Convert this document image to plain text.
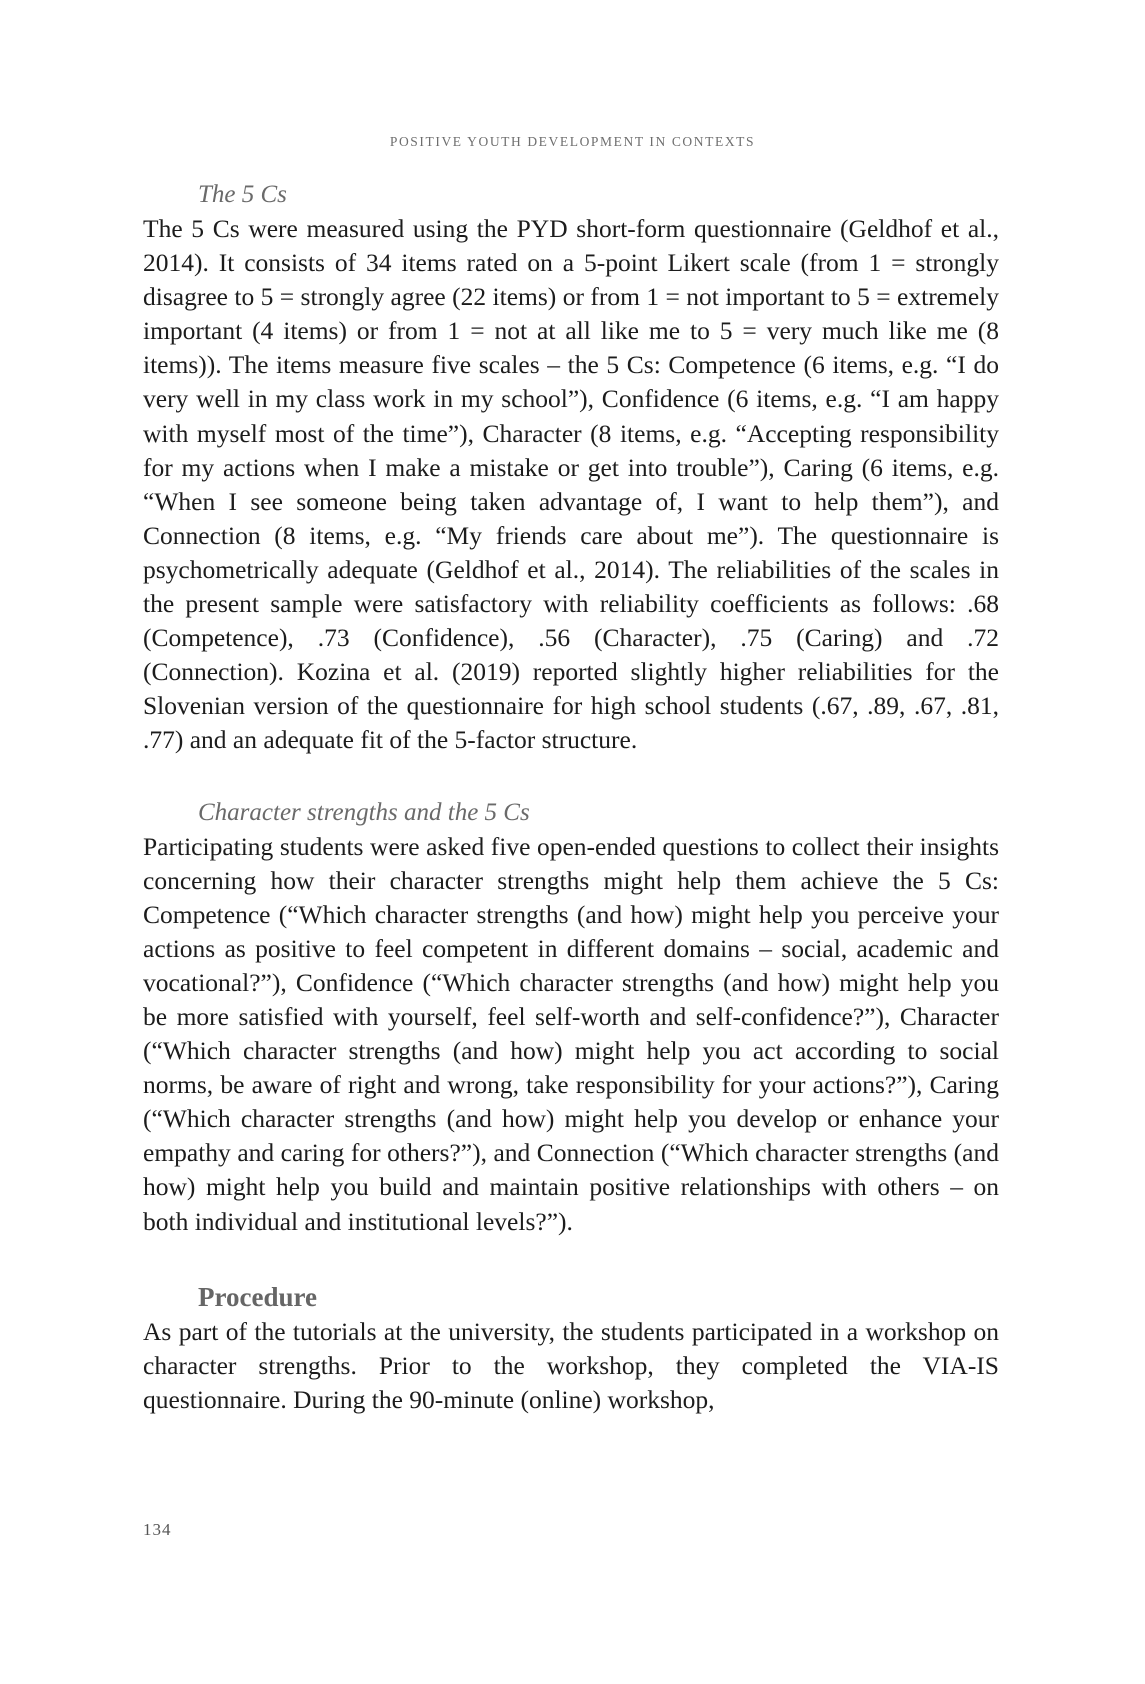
POSITIVE YOUTH DEVELOPMENT IN CONTEXTS
The 5 Cs

The 5 Cs were measured using the PYD short-form questionnaire (Geldhof et al., 2014). It consists of 34 items rated on a 5-point Likert scale (from 1 = strongly disagree to 5 = strongly agree (22 items) or from 1 = not important to 5 = extremely important (4 items) or from 1 = not at all like me to 5 = very much like me (8 items)). The items measure five scales – the 5 Cs: Competence (6 items, e.g. “I do very well in my class work in my school”), Confidence (6 items, e.g. “I am happy with myself most of the time”), Character (8 items, e.g. “Accepting responsibility for my actions when I make a mistake or get into trouble”), Caring (6 items, e.g. “When I see someone being taken advantage of, I want to help them”), and Connection (8 items, e.g. “My friends care about me”). The questionnaire is psychometrically adequate (Geldhof et al., 2014). The reliabilities of the scales in the present sample were satisfactory with reliability coefficients as follows: .68 (Competence), .73 (Confidence), .56 (Character), .75 (Caring) and .72 (Connection). Kozina et al. (2019) reported slightly higher reliabilities for the Slovenian version of the questionnaire for high school students (.67, .89, .67, .81, .77) and an adequate fit of the 5-factor structure.

Character strengths and the 5 Cs

Participating students were asked five open-ended questions to collect their insights concerning how their character strengths might help them achieve the 5 Cs: Competence (“Which character strengths (and how) might help you perceive your actions as positive to feel competent in different domains – social, academic and vocational?”), Confidence (“Which character strengths (and how) might help you be more satisfied with yourself, feel self-worth and self-confidence?”), Character (“Which character strengths (and how) might help you act according to social norms, be aware of right and wrong, take responsibility for your actions?”), Caring (“Which character strengths (and how) might help you develop or enhance your empathy and caring for others?”), and Connection (“Which character strengths (and how) might help you build and maintain positive relationships with others – on both individual and institutional levels?”).

Procedure

As part of the tutorials at the university, the students participated in a workshop on character strengths. Prior to the workshop, they completed the VIA-IS questionnaire. During the 90-minute (online) workshop,

134
